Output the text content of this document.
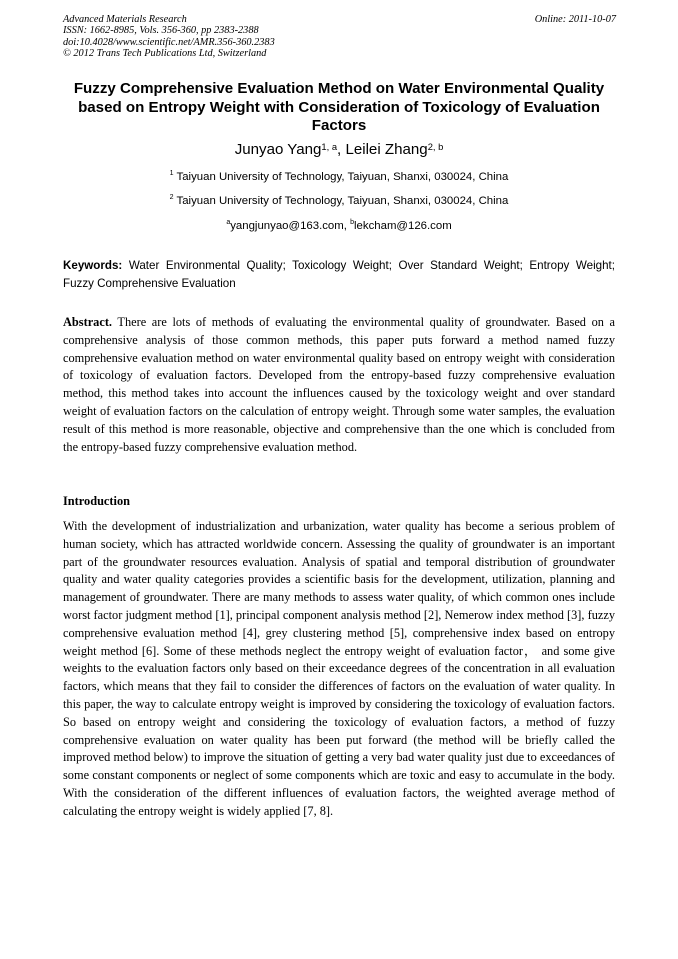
Advanced Materials Research
ISSN: 1662-8985, Vols. 356-360, pp 2383-2388
doi:10.4028/www.scientific.net/AMR.356-360.2383
© 2012 Trans Tech Publications Ltd, Switzerland
Online: 2011-10-07
Fuzzy Comprehensive Evaluation Method on Water Environmental Quality based on Entropy Weight with Consideration of Toxicology of Evaluation Factors
Junyao Yang$^{1, a}$, Leilei Zhang$^{2, b}$
$^1$ Taiyuan University of Technology, Taiyuan, Shanxi, 030024, China
$^2$ Taiyuan University of Technology, Taiyuan, Shanxi, 030024, China
$^a$yangjunyao@163.com, $^b$lekcham@126.com

Keywords: Water Environmental Quality; Toxicology Weight; Over Standard Weight; Entropy Weight; Fuzzy Comprehensive Evaluation

Abstract. There are lots of methods of evaluating the environmental quality of groundwater. Based on a comprehensive analysis of those common methods, this paper puts forward a method named fuzzy comprehensive evaluation method on water environmental quality based on entropy weight with consideration of toxicology of evaluation factors. Developed from the entropy-based fuzzy comprehensive evaluation method, this method takes into account the influences caused by the toxicology weight and over standard weight of evaluation factors on the calculation of entropy weight. Through some water samples, the evaluation result of this method is more reasonable, objective and comprehensive than the one which is concluded from the entropy-based fuzzy comprehensive evaluation method.

Introduction

With the development of industrialization and urbanization, water quality has become a serious problem of human society, which has attracted worldwide concern. Assessing the quality of groundwater is an important part of the groundwater resources evaluation. Analysis of spatial and temporal distribution of groundwater quality and water quality categories provides a scientific basis for the development, utilization, planning and management of groundwater. There are many methods to assess water quality, of which common ones include worst factor judgment method [1], principal component analysis method [2], Nemerow index method [3], fuzzy comprehensive evaluation method [4], grey clustering method [5], comprehensive index based on entropy weight method [6]. Some of these methods neglect the entropy weight of evaluation factor， and some give weights to the evaluation factors only based on their exceedance degrees of the concentration in all evaluation factors, which means that they fail to consider the differences of factors on the evaluation of water quality. In this paper, the way to calculate entropy weight is improved by considering the toxicology of evaluation factors. So based on entropy weight and considering the toxicology of evaluation factors, a method of fuzzy comprehensive evaluation on water quality has been put forward (the method will be briefly called the improved method below) to improve the situation of getting a very bad water quality just due to exceedances of some constant components or neglect of some components which are toxic and easy to accumulate in the body. With the consideration of the different influences of evaluation factors, the weighted average method of calculating the entropy weight is widely applied [7, 8].
